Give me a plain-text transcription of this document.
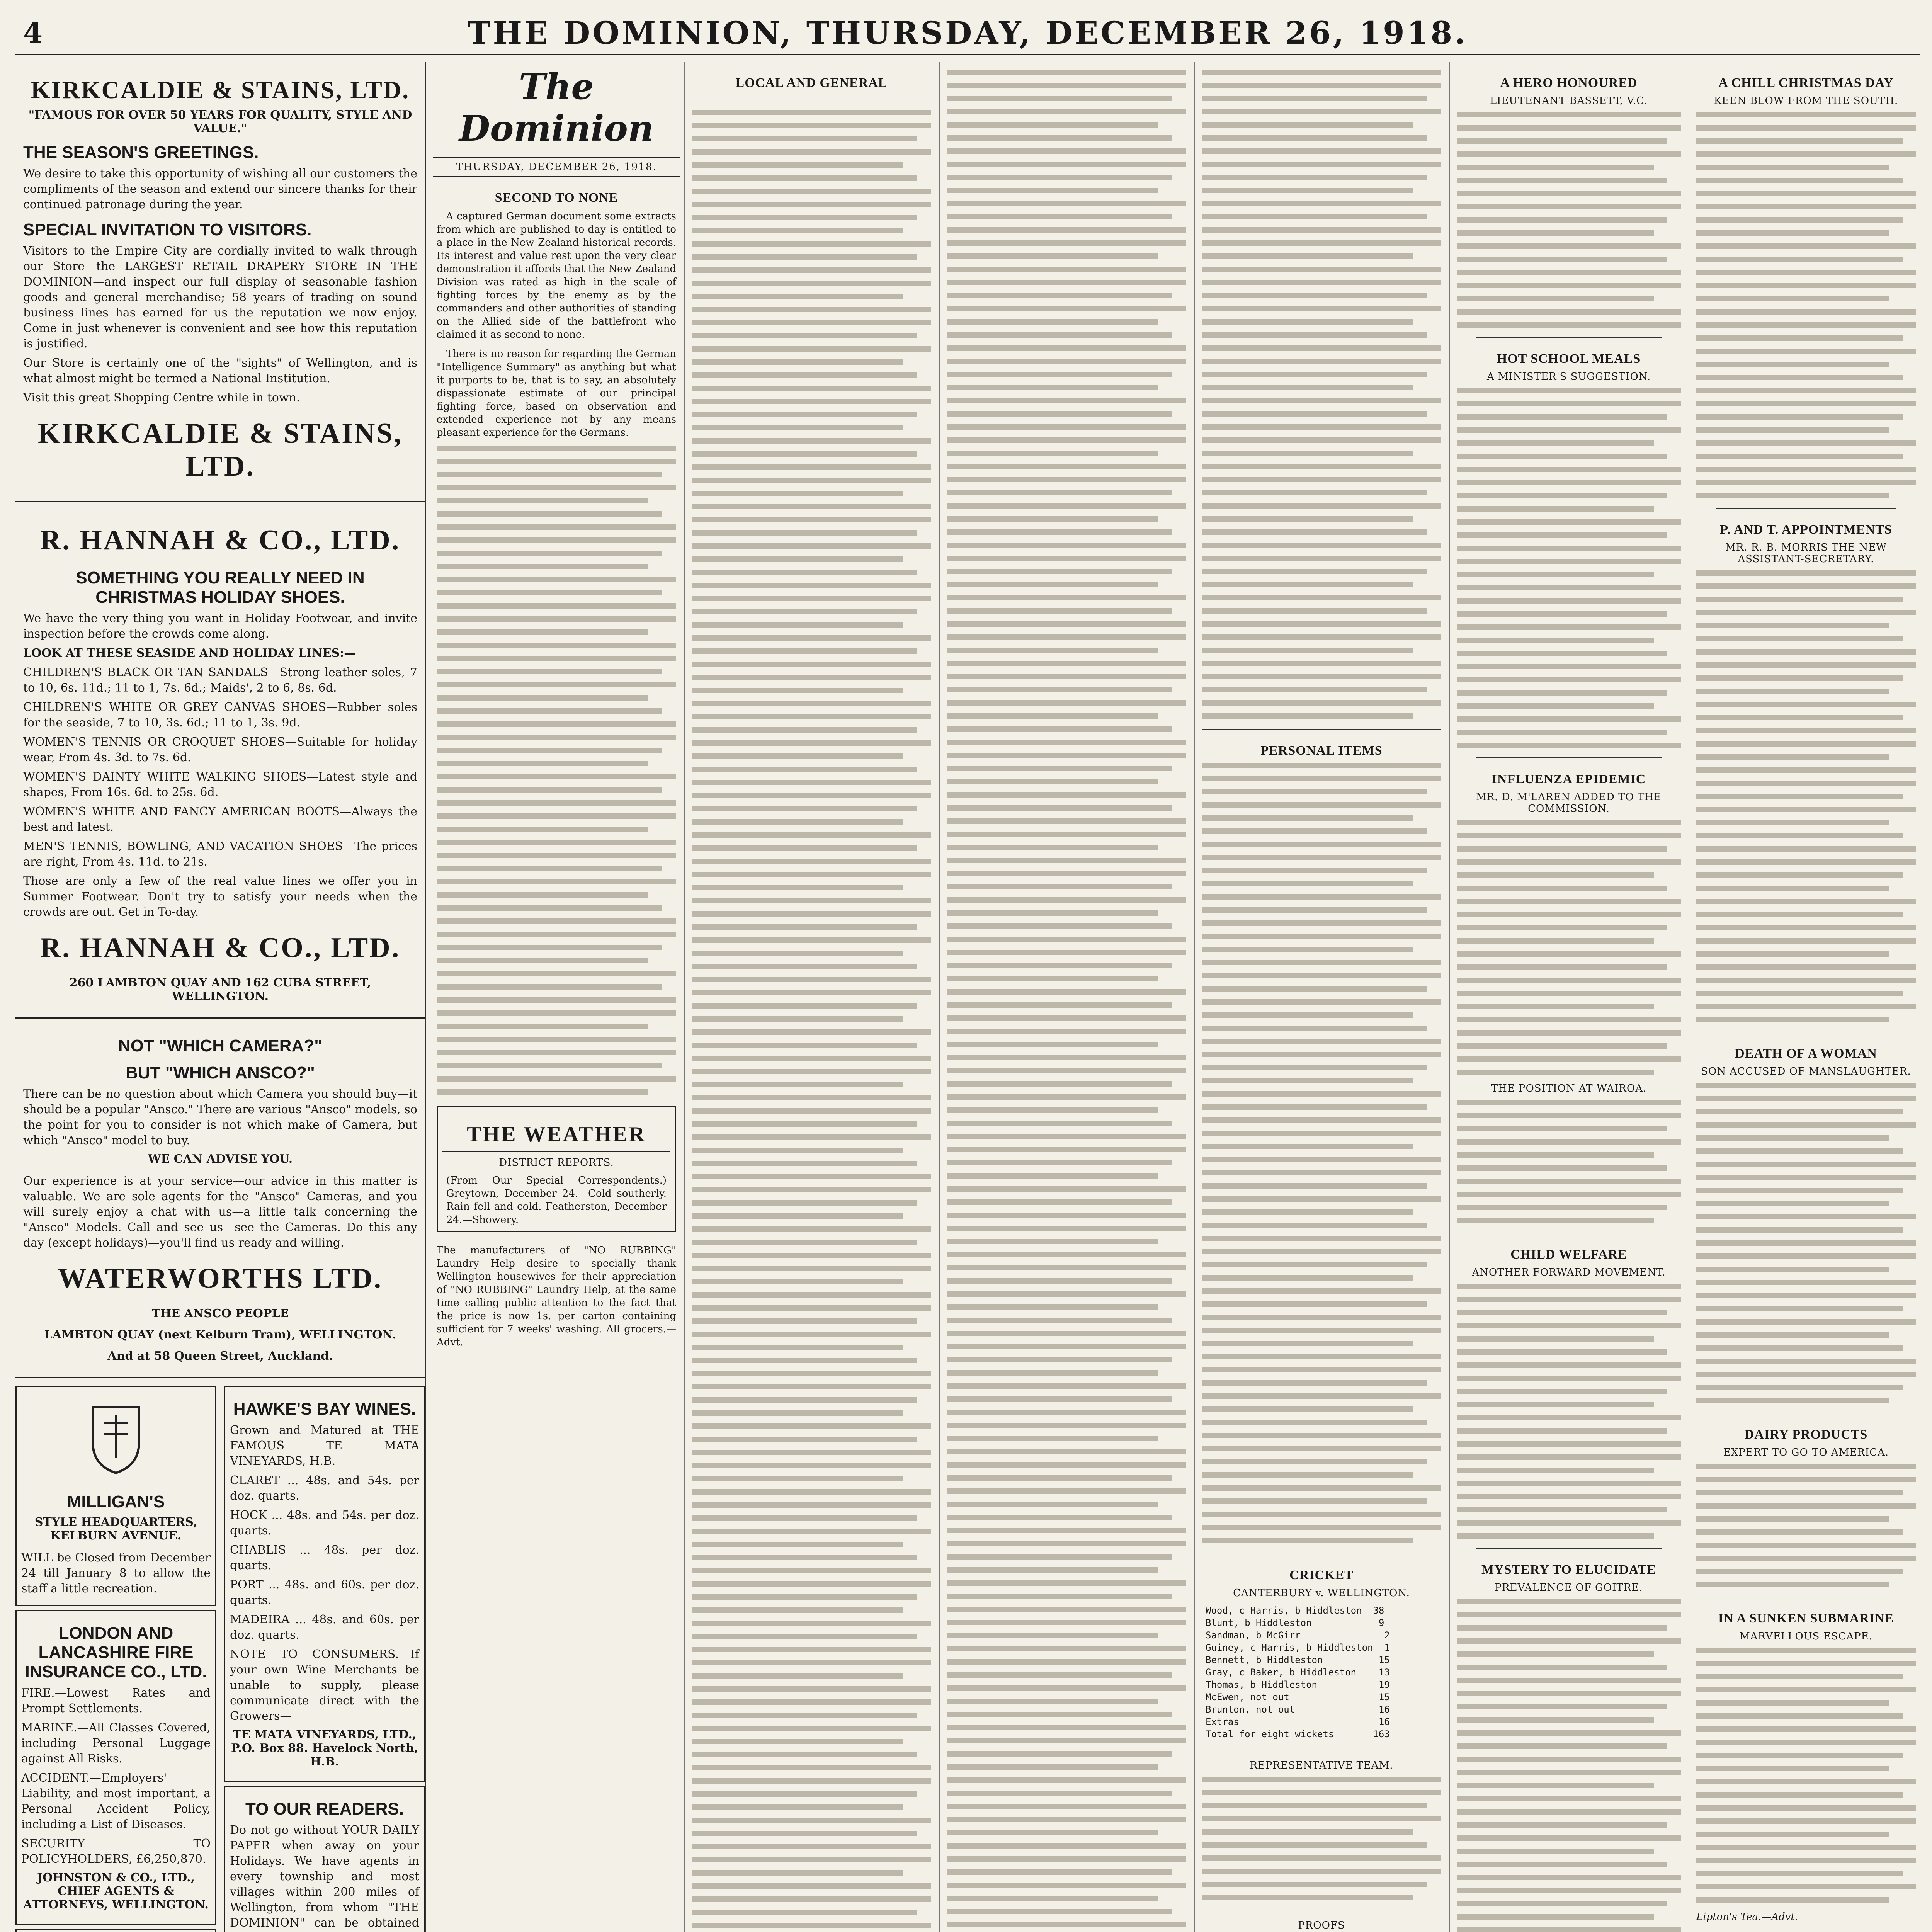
4	THE DOMINION, THURSDAY, DECEMBER 26, 1918.
KIRKCALDIE & STAINS, LTD.
"FAMOUS FOR OVER 50 YEARS FOR QUALITY, STYLE AND VALUE."
THE SEASON'S GREETINGS.
We desire to take this opportunity of wishing all our customers the compliments of the season and extend our sincere thanks for their continued patronage during the year.
SPECIAL INVITATION TO VISITORS.
Visitors to the Empire City are cordially invited to walk through our Store—the LARGEST RETAIL DRAPERY STORE IN THE DOMINION—and inspect our full display of seasonable fashion goods and general merchandise; 58 years of trading on sound business lines has earned for us the reputation we now enjoy. Come in just whenever is convenient and see how this reputation is justified.
Our Store is certainly one of the "sights" of Wellington, and is what almost might be termed a National Institution.
Visit this great Shopping Centre while in town.
KIRKCALDIE & STAINS, LTD.
R. HANNAH & CO., LTD.
SOMETHING YOU REALLY NEED IN CHRISTMAS HOLIDAY SHOES.
We have the very thing you want in Holiday Footwear, and invite inspection before the crowds come along.
LOOK AT THESE SEASIDE AND HOLIDAY LINES:—
CHILDREN'S BLACK OR TAN SANDALS—Strong leather soles, 7 to 10, 6s. 11d.; 11 to 1, 7s. 6d.; Maids', 2 to 6, 8s. 6d.
CHILDREN'S WHITE OR GREY CANVAS SHOES—Rubber soles for the seaside, 7 to 10, 3s. 6d.; 11 to 1, 3s. 9d.
WOMEN'S TENNIS OR CROQUET SHOES—Suitable for holiday wear, From 4s. 3d. to 7s. 6d.
WOMEN'S DAINTY WHITE WALKING SHOES—Latest style and shapes, From 16s. 6d. to 25s. 6d.
WOMEN'S WHITE AND FANCY AMERICAN BOOTS—Always the best and latest.
MEN'S TENNIS, BOWLING, AND VACATION SHOES—The prices are right, From 4s. 11d. to 21s.
Those are only a few of the real value lines we offer you in Summer Footwear. Don't try to satisfy your needs when the crowds are out. Get in To-day.
R. HANNAH & CO., LTD.
260 LAMBTON QUAY AND 162 CUBA STREET, WELLINGTON.
NOT "WHICH CAMERA?"
BUT "WHICH ANSCO?"
There can be no question about which Camera you should buy—it should be a popular "Ansco." There are various "Ansco" models, so the point for you to consider is not which make of Camera, but which "Ansco" model to buy.
WE CAN ADVISE YOU.
Our experience is at your service—our advice in this matter is valuable. We are sole agents for the "Ansco" Cameras, and you will surely enjoy a chat with us—a little talk concerning the "Ansco" Models. Call and see us—see the Cameras. Do this any day (except holidays)—you'll find us ready and willing.
WATERWORTHS LTD.
THE ANSCO PEOPLE
LAMBTON QUAY (next Kelburn Tram), WELLINGTON.
And at 58 Queen Street, Auckland.
MILLIGAN'S
STYLE HEADQUARTERS, KELBURN AVENUE.
WILL be Closed from December 24 till January 8 to allow the staff a little recreation.
LONDON AND LANCASHIRE FIRE INSURANCE CO., LTD.
FIRE.—Lowest Rates and Prompt Settlements.
MARINE.—All Classes Covered, including Personal Luggage against All Risks.
ACCIDENT.—Employers' Liability, and most important, a Personal Accident Policy, including a List of Diseases.
SECURITY TO POLICYHOLDERS, £6,250,870.
JOHNSTON & CO., LTD., CHIEF AGENTS & ATTORNEYS, WELLINGTON.
HAWKE'S BAY WINES.
Grown and Matured at THE FAMOUS TE MATA VINEYARDS, H.B.
CLARET ... 48s. and 54s. per doz. quarts.
HOCK ... 48s. and 54s. per doz. quarts.
CHABLIS ... 48s. per doz. quarts.
PORT ... 48s. and 60s. per doz. quarts.
MADEIRA ... 48s. and 60s. per doz. quarts.
NOTE TO CONSUMERS.—If your own Wine Merchants be unable to supply, please communicate direct with the Growers—
TE MATA VINEYARDS, LTD., P.O. Box 88. Havelock North, H.B.
TO OUR READERS.
Do not go without YOUR DAILY PAPER when away on your Holidays. We have agents in every township and most villages within 200 miles of Wellington, from whom "THE DOMINION" can be obtained
The Dominion
THURSDAY, DECEMBER 26, 1918.
SECOND TO NONE

A captured German document some extracts from which are published to-day is entitled to a place in the New Zealand historical records. Its interest and value rest upon the very clear demonstration it affords that the New Zealand Division was rated as high in the scale of fighting forces by the enemy as by the commanders and other authorities of standing on the Allied side of the battlefront who claimed it as second to none.

There is no reason for regarding the German "Intelligence Summary" as anything but what it purports to be, that is to say, an absolutely dispassionate estimate of our principal fighting force, based on observation and extended experience—not by any means pleasant experience for the Germans.

THE WEATHER
DISTRICT REPORTS.
(From Our Special Correspondents.) Greytown, December 24.—Cold southerly. Rain fell and cold. Featherston, December 24.—Showery.
The manufacturers of "NO RUBBING" Laundry Help desire to specially thank Wellington housewives for their appreciation of "NO RUBBING" Laundry Help, at the same time calling public attention to the fact that the price is now 1s. per carton containing sufficient for 7 weeks' washing. All grocers.—Advt.
LOCAL AND GENERAL
PERSONAL ITEMS
CRICKET
CANTERBURY v. WELLINGTON.
Wood, c Harris, b Hiddleston  38
Blunt, b Hiddleston            9
Sandman, b McGirr               2
Guiney, c Harris, b Hiddleston  1
Bennett, b Hiddleston          15
Gray, c Baker, b Hiddleston    13
Thomas, b Hiddleston           19
McEwen, not out                15
Brunton, not out               16
Extras                         16
Total for eight wickets       163
REPRESENTATIVE TEAM.
PROOFS
A HERO HONOURED
LIEUTENANT BASSETT, V.C.
HOT SCHOOL MEALS
A MINISTER'S SUGGESTION.
INFLUENZA EPIDEMIC
MR. D. M'LAREN ADDED TO THE COMMISSION.
THE POSITION AT WAIROA.
CHILD WELFARE
ANOTHER FORWARD MOVEMENT.
MYSTERY TO ELUCIDATE
PREVALENCE OF GOITRE.
A CHILL CHRISTMAS DAY
KEEN BLOW FROM THE SOUTH.
P. AND T. APPOINTMENTS
MR. R. B. MORRIS THE NEW ASSISTANT-SECRETARY.
DEATH OF A WOMAN
SON ACCUSED OF MANSLAUGHTER.
DAIRY PRODUCTS
EXPERT TO GO TO AMERICA.
IN A SUNKEN SUBMARINE
MARVELLOUS ESCAPE.
Lipton's Tea.—Advt.
